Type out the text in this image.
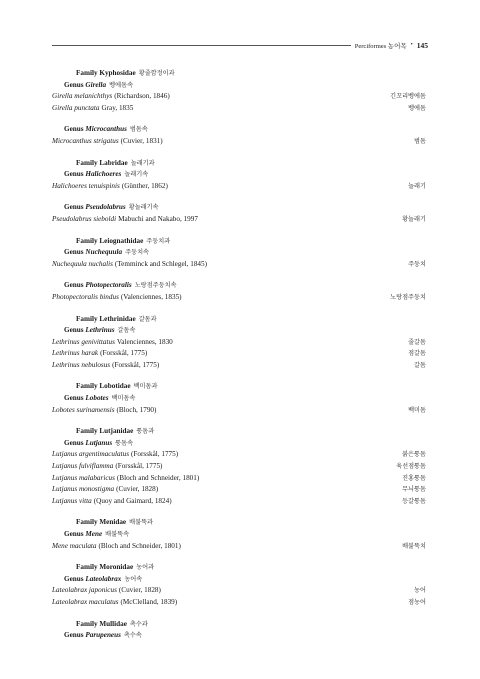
Perciformes 농어목 • 145
Family Kyphosidae 황줄깜정이과
Genus Girella 벵에돔속
Girella melanichthys (Richardson, 1846)	긴꼬리벵에돔
Girella punctata Gray, 1835	벵에돔
Genus Microcanthus 범돔속
Microcanthus strigatus (Cuvier, 1831)	범돔
Family Labridae 놀래기과
Genus Halichoeres 놀래기속
Halichoeres tenuispinis (Günther, 1862)	놀래기
Genus Pseudolabrus 황놀래기속
Pseudolabrus sieboldi Mabuchi and Nakabo, 1997	황놀래기
Family Leiognathidae 주둥치과
Genus Nuchequula 주둥치속
Nuchequula nuchalis (Temminck and Schlegel, 1845)	주둥치
Genus Photopectoralis 노랑점주둥치속
Photopectoralis bindus (Valenciennes, 1835)	노랑점주둥치
Family Lethrinidae 갈돔과
Genus Lethrinus 갈돔속
Lethrinus genivittatus Valenciennes, 1830	줄갈돔
Lethrinus harak (Forsskål, 1775)	점갈돔
Lethrinus nebulosus (Forsskål, 1775)	갈돔
Family Lobotidae 백미돔과
Genus Lobotes 백미돔속
Lobotes surinamensis (Bloch, 1790)	백미돔
Family Lutjanidae 퉁돔과
Genus Lutjanus 퉁돔속
Lutjanus argentimaculatus (Forsskål, 1775)	붉은퉁돔
Lutjanus fulviflamma (Forsskål, 1775)	육선점퉁돔
Lutjanus malabaricus (Bloch and Schneider, 1801)	진홍퉁돔
Lutjanus monostigma (Cuvier, 1828)	무늬퉁돔
Lutjanus vitta (Quoy and Gaimard, 1824)	등갈퉁돔
Family Menidae 배불뚝과
Genus Mene 배불뚝속
Mene maculata (Bloch and Schneider, 1801)	배불뚝치
Family Moronidae 농어과
Genus Lateolabrax 농어속
Lateolabrax japonicus (Cuvier, 1828)	농어
Lateolabrax maculatus (McClelland, 1839)	점농어
Family Mullidae 촉수과
Genus Parupeneus 촉수속
